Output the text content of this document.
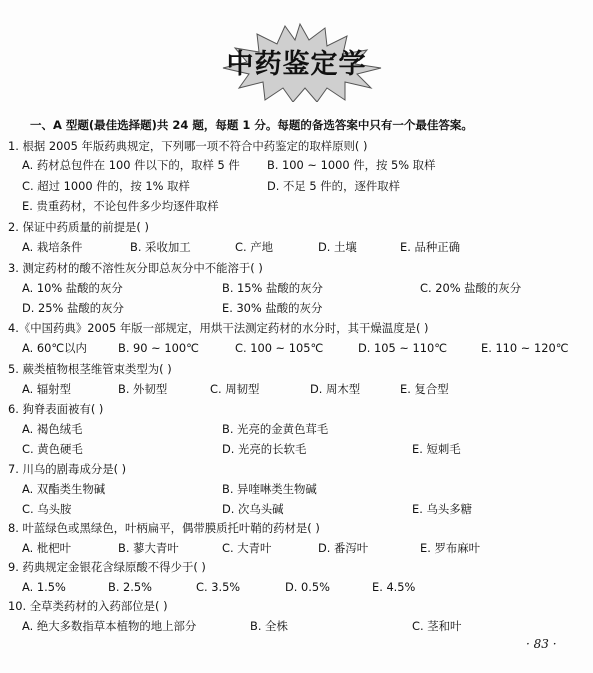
中药鉴定学
一、A 型题(最佳选择题)共 24 题，每题 1 分。每题的备选答案中只有一个最佳答案。
1. 根据 2005 年版药典规定，下列哪一项不符合中药鉴定的取样原则( )
A. 药材总包件在 100 件以下的，取样 5 件 B. 100 ~ 1000 件，按 5% 取样
C. 超过 1000 件的，按 1% 取样	D. 不足 5 件的，逐件取样
E. 贵重药材，不论包件多少均逐件取样
2. 保证中药质量的前提是( )
A. 栽培条件	B. 采收加工	C. 产地	D. 土壤	E. 品种正确
3. 测定药材的酸不溶性灰分即总灰分中不能溶于( )
A. 10% 盐酸的灰分	B. 15% 盐酸的灰分	C. 20% 盐酸的灰分
D. 25% 盐酸的灰分	E. 30% 盐酸的灰分
4.《中国药典》2005 年版一部规定，用烘干法测定药材的水分时，其干燥温度是( )
A. 60℃以内	B. 90 ~ 100℃	C. 100 ~ 105℃	D. 105 ~ 110℃	E. 110 ~ 120℃
5. 蕨类植物根茎维管束类型为( )
A. 辐射型	B. 外韧型	C. 周韧型	D. 周木型	E. 复合型
6. 狗脊表面被有( )
A. 褐色绒毛	B. 光亮的金黄色茸毛
C. 黄色硬毛	D. 光亮的长软毛	E. 短刺毛
7. 川乌的剧毒成分是( )
A. 双酯类生物碱	B. 异喹啉类生物碱
C. 乌头胺	D. 次乌头碱	E. 乌头多糖
8. 叶蓝绿色或黑绿色，叶柄扁平，偶带膜质托叶鞘的药材是( )
A. 枇杷叶	B. 蓼大青叶	C. 大青叶	D. 番泻叶	E. 罗布麻叶
9. 药典规定金银花含绿原酸不得少于( )
A. 1.5%	B. 2.5%	C. 3.5%	D. 0.5%	E. 4.5%
10. 全草类药材的入药部位是( )
A. 绝大多数指草本植物的地上部分	B. 全株	C. 茎和叶
· 83 ·
